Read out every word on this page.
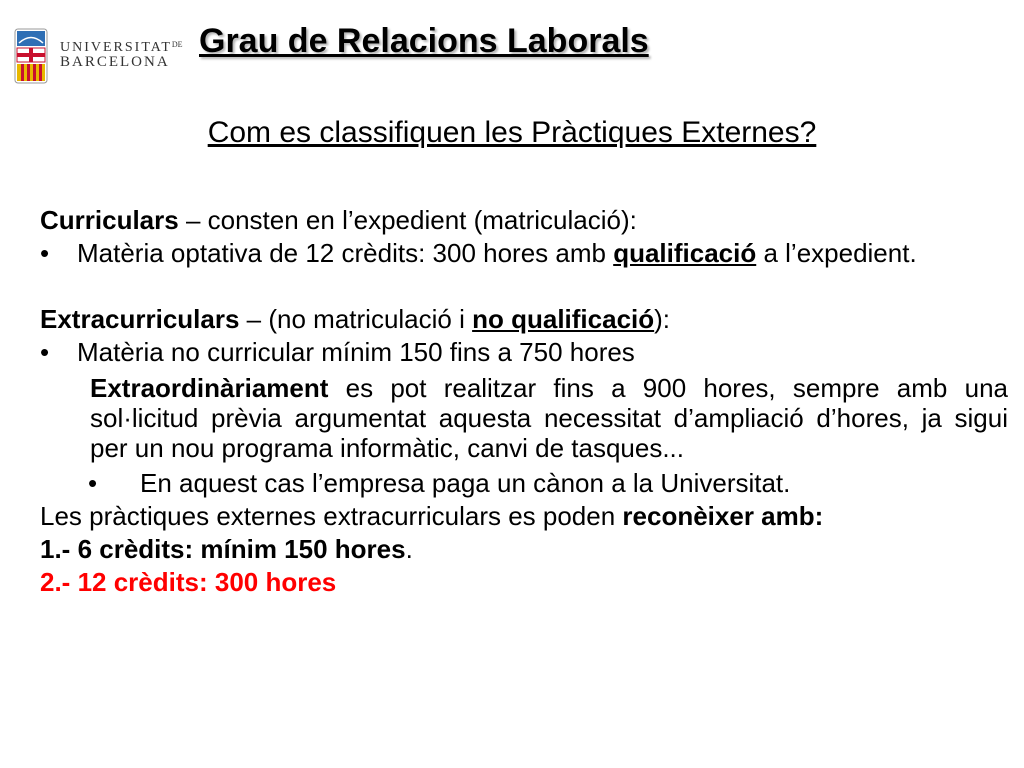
$UNIVERSITAT^{DE}$
BARCELONA
Grau de Relacions Laborals
Com es classifiquen les Pràctiques Externes?

Curriculars – consten en l’expedient (matriculació):

•	Matèria optativa de 12 crèdits: 300 hores amb qualificació a l’expedient.

Extracurriculars – (no matriculació i no qualificació):

•	Matèria no curricular mínim 150 fins a 750 hores

Extraordinàriament es pot realitzar fins a 900 hores, sempre amb una sol·licitud prèvia argumentat aquesta necessitat d’ampliació d’hores, ja sigui per un nou programa informàtic, canvi de tasques...

•	En aquest cas l’empresa paga un cànon a la Universitat.

Les pràctiques externes extracurriculars es poden reconèixer amb:

1.- 6 crèdits: mínim 150 hores.

2.- 12 crèdits: 300 hores
